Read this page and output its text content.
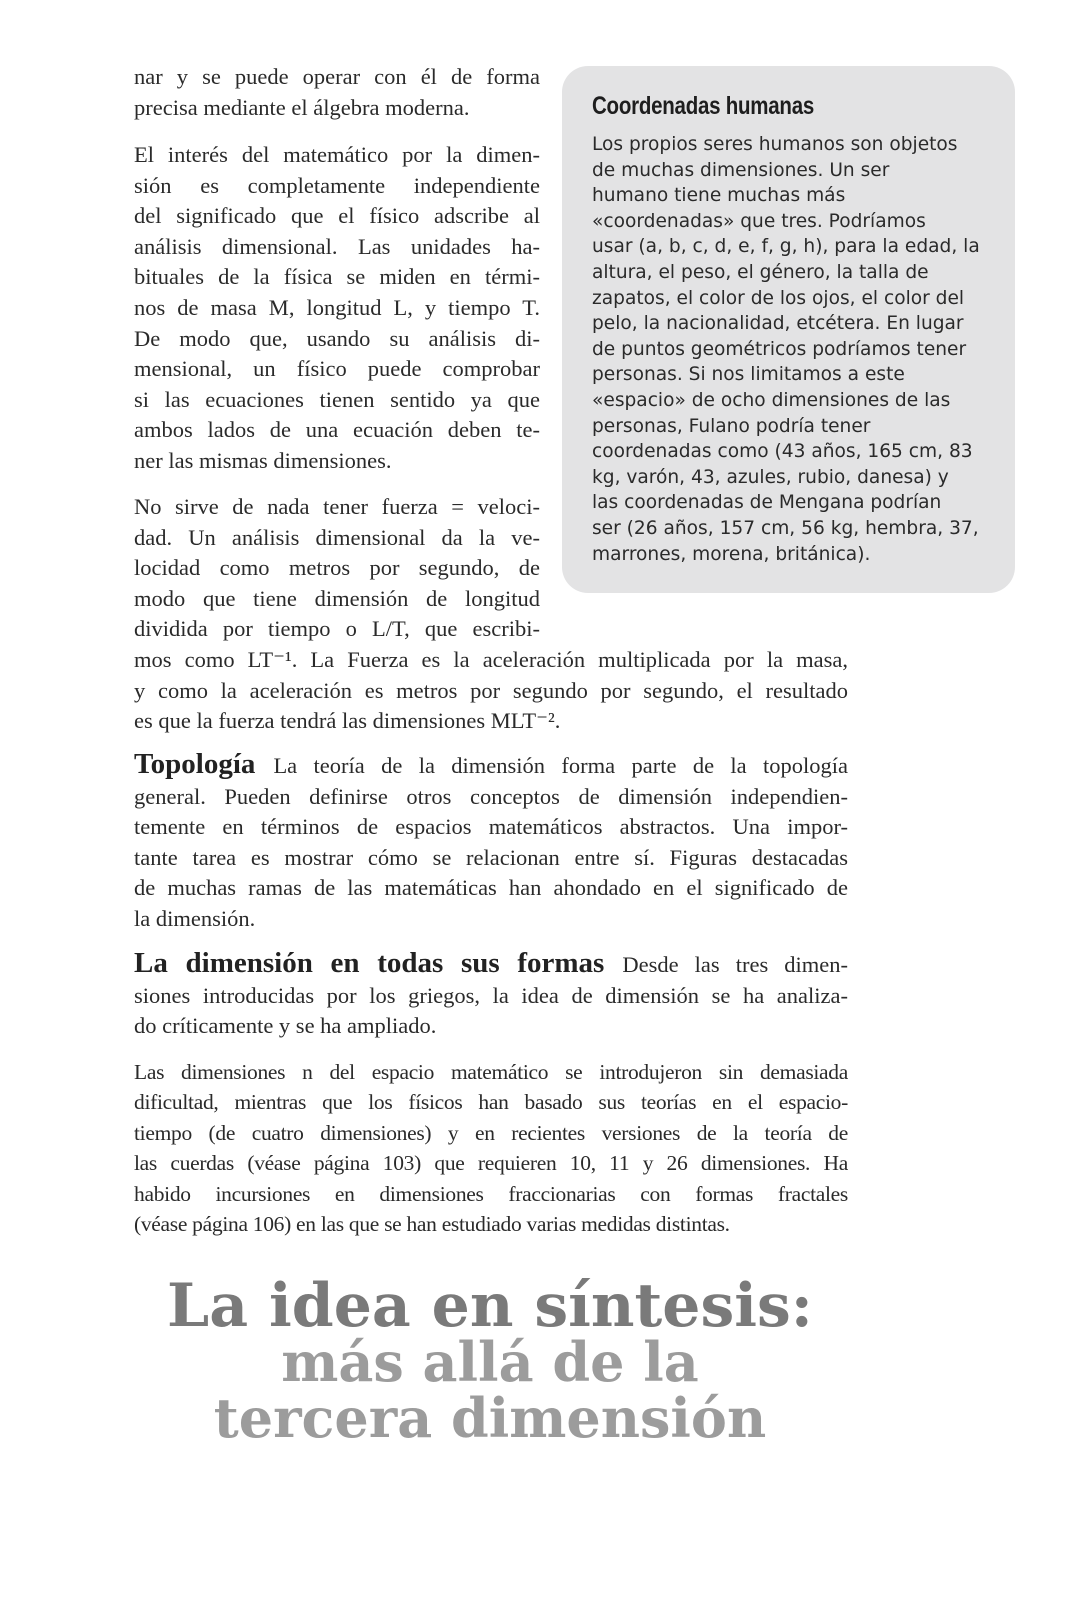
nar y se puede operar con él de forma
precisa mediante el álgebra moderna.
El interés del matemático por la dimen-
sión es completamente independiente
del significado que el físico adscribe al
análisis dimensional. Las unidades ha-
bituales de la física se miden en térmi-
nos de masa M, longitud L, y tiempo T.
De modo que, usando su análisis di-
mensional, un físico puede comprobar
si las ecuaciones tienen sentido ya que
ambos lados de una ecuación deben te-
ner las mismas dimensiones.
No sirve de nada tener fuerza = veloci-
dad. Un análisis dimensional da la ve-
locidad como metros por segundo, de
modo que tiene dimensión de longitud
dividida por tiempo o L/T, que escribi-
mos como LT⁻¹. La Fuerza es la aceleración multiplicada por la masa,
y como la aceleración es metros por segundo por segundo, el resultado
es que la fuerza tendrá las dimensiones MLT⁻².
Topología La teoría de la dimensión forma parte de la topología
general. Pueden definirse otros conceptos de dimensión independien-
temente en términos de espacios matemáticos abstractos. Una impor-
tante tarea es mostrar cómo se relacionan entre sí. Figuras destacadas
de muchas ramas de las matemáticas han ahondado en el significado de
la dimensión.
La dimensión en todas sus formas Desde las tres dimen-
siones introducidas por los griegos, la idea de dimensión se ha analiza-
do críticamente y se ha ampliado.
Las dimensiones n del espacio matemático se introdujeron sin demasiada
dificultad, mientras que los físicos han basado sus teorías en el espacio-
tiempo (de cuatro dimensiones) y en recientes versiones de la teoría de
las cuerdas (véase página 103) que requieren 10, 11 y 26 dimensiones. Ha
habido incursiones en dimensiones fraccionarias con formas fractales
(véase página 106) en las que se han estudiado varias medidas distintas.
Coordenadas humanas
Los propios seres humanos son objetos
de muchas dimensiones. Un ser
humano tiene muchas más
«coordenadas» que tres. Podríamos
usar (a, b, c, d, e, f, g, h), para la edad, la
altura, el peso, el género, la talla de
zapatos, el color de los ojos, el color del
pelo, la nacionalidad, etcétera. En lugar
de puntos geométricos podríamos tener
personas. Si nos limitamos a este
«espacio» de ocho dimensiones de las
personas, Fulano podría tener
coordenadas como (43 años, 165 cm, 83
kg, varón, 43, azules, rubio, danesa) y
las coordenadas de Mengana podrían
ser (26 años, 157 cm, 56 kg, hembra, 37,
marrones, morena, británica).
La idea en síntesis:
más allá de la
tercera dimensión
